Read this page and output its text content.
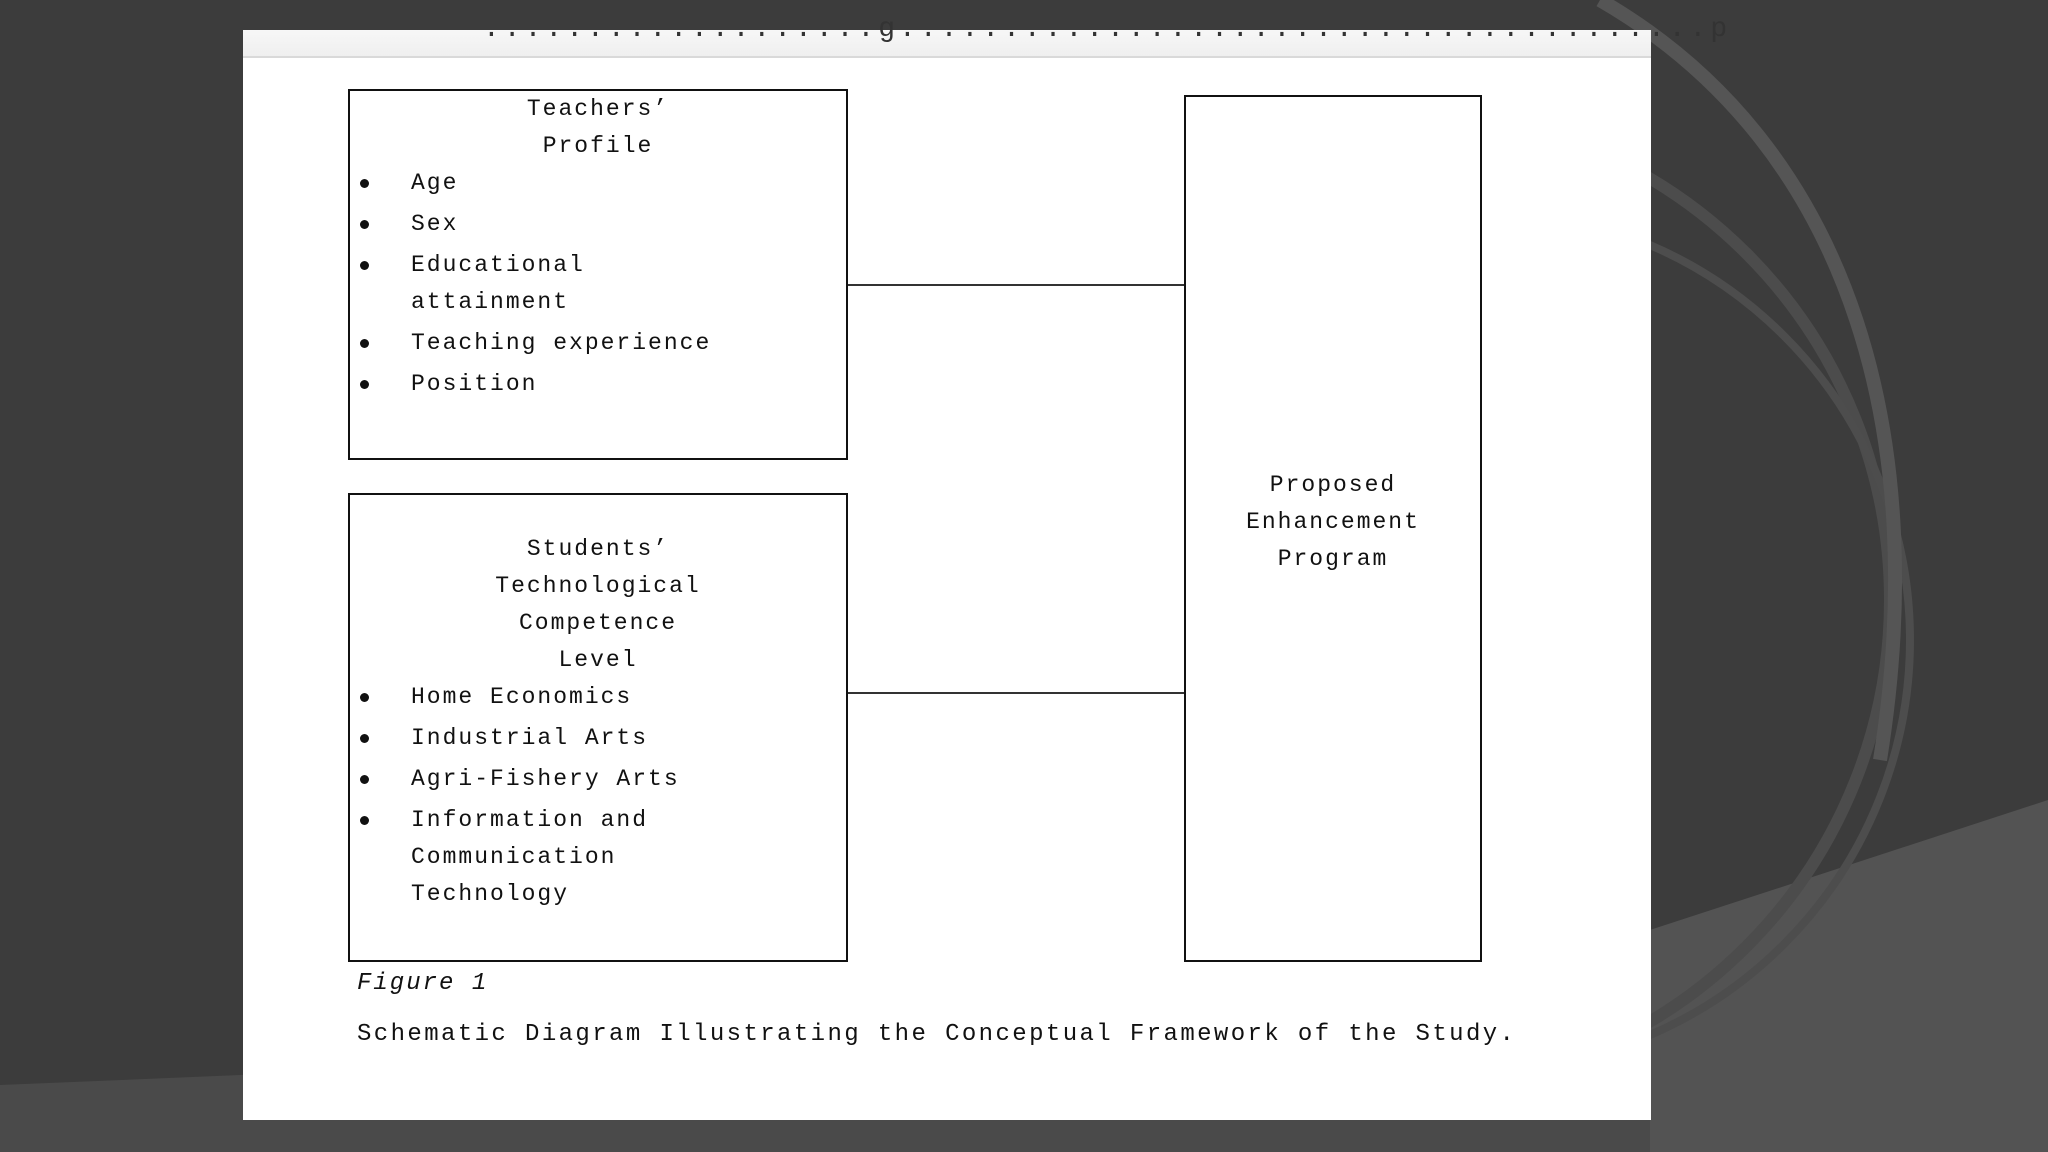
...................g.......................................p
Teachers’
Profile
Age
Sex
Educational
attainment
Teaching experience
Position
Students’
Technological
Competence
Level
Home Economics
Industrial Arts
Agri-Fishery Arts
Information and
Communication
Technology
Proposed
Enhancement
Program
Figure 1
Schematic Diagram Illustrating the Conceptual Framework of the Study.
